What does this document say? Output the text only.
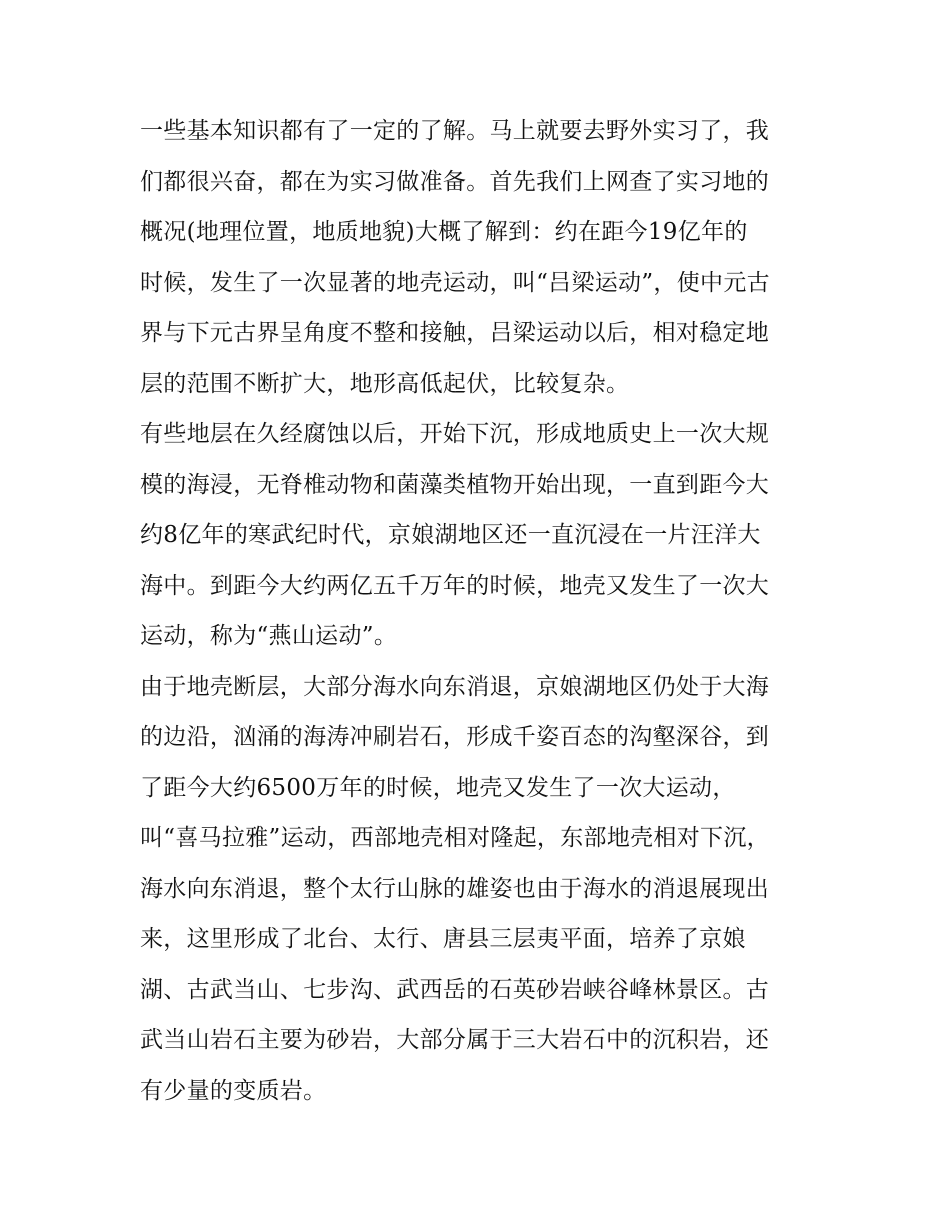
一些基本知识都有了一定的了解。马上就要去野外实习了，我
们都很兴奋，都在为实习做准备。首先我们上网查了实习地的
概况(地理位置，地质地貌)大概了解到：约在距今19亿年的
时候，发生了一次显著的地壳运动，叫“吕梁运动”，使中元古
界与下元古界呈角度不整和接触，吕梁运动以后，相对稳定地
层的范围不断扩大，地形高低起伏，比较复杂。
有些地层在久经腐蚀以后，开始下沉，形成地质史上一次大规
模的海浸，无脊椎动物和菌藻类植物开始出现，一直到距今大
约8亿年的寒武纪时代，京娘湖地区还一直沉浸在一片汪洋大
海中。到距今大约两亿五千万年的时候，地壳又发生了一次大
运动，称为“燕山运动”。
由于地壳断层，大部分海水向东消退，京娘湖地区仍处于大海
的边沿，汹涌的海涛冲刷岩石，形成千姿百态的沟壑深谷，到
了距今大约6500万年的时候，地壳又发生了一次大运动，
叫“喜马拉雅”运动，西部地壳相对隆起，东部地壳相对下沉，
海水向东消退，整个太行山脉的雄姿也由于海水的消退展现出
来，这里形成了北台、太行、唐县三层夷平面，培养了京娘
湖、古武当山、七步沟、武西岳的石英砂岩峡谷峰林景区。古
武当山岩石主要为砂岩，大部分属于三大岩石中的沉积岩，还
有少量的变质岩。
